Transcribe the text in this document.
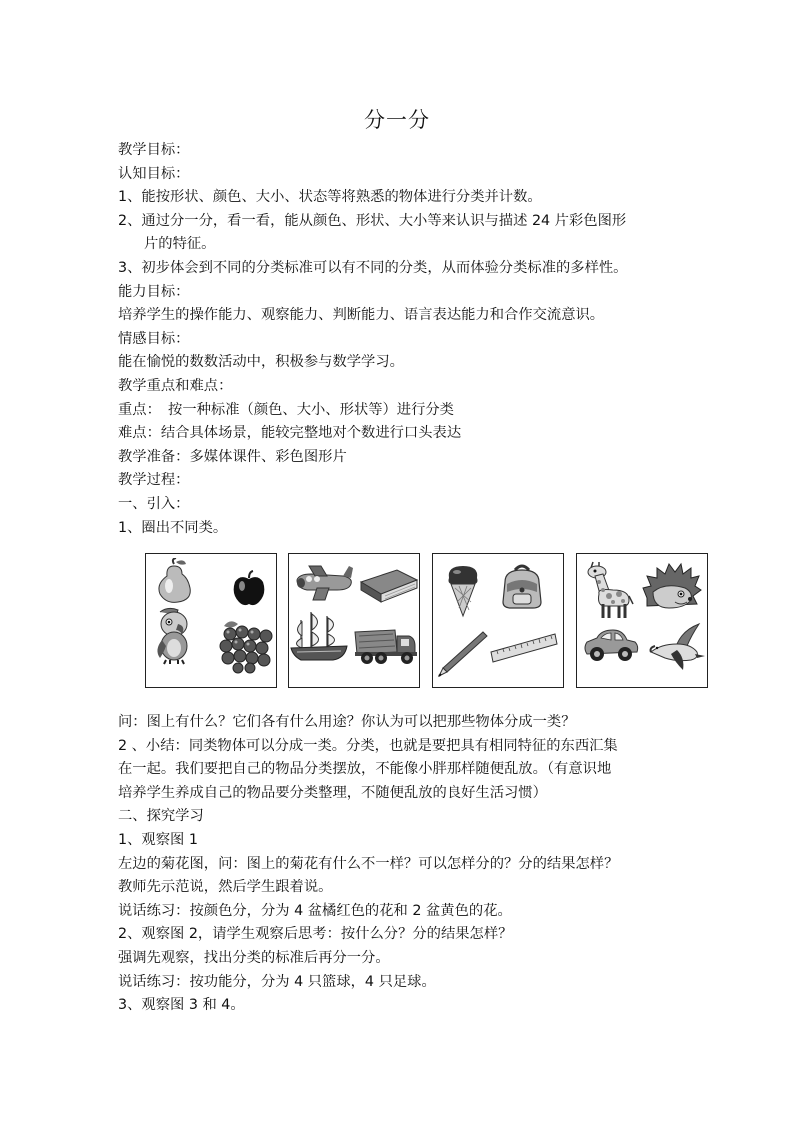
分一分
教学目标：
认知目标：
1、能按形状、颜色、大小、状态等将熟悉的物体进行分类并计数。
2、通过分一分，看一看，能从颜色、形状、大小等来认识与描述 24 片彩色图形
片的特征。
3、初步体会到不同的分类标准可以有不同的分类，从而体验分类标准的多样性。
能力目标：
培养学生的操作能力、观察能力、判断能力、语言表达能力和合作交流意识。
情感目标：
能在愉悦的数数活动中，积极参与数学学习。
教学重点和难点：
重点：　按一种标准（颜色、大小、形状等）进行分类
难点：结合具体场景，能较完整地对个数进行口头表达
教学准备：多媒体课件、彩色图形片
教学过程：
一、引入：
1、圈出不同类。
问：图上有什么？它们各有什么用途？你认为可以把那些物体分成一类？
2 、小结：同类物体可以分成一类。分类，也就是要把具有相同特征的东西汇集
在一起。我们要把自己的物品分类摆放，不能像小胖那样随便乱放。（有意识地
培养学生养成自己的物品要分类整理，不随便乱放的良好生活习惯）
二、探究学习
1、观察图 1
左边的菊花图，问：图上的菊花有什么不一样？可以怎样分的？分的结果怎样？
教师先示范说，然后学生跟着说。
说话练习：按颜色分，分为 4 盆橘红色的花和 2 盆黄色的花。
2、观察图 2，请学生观察后思考：按什么分？分的结果怎样？
强调先观察，找出分类的标准后再分一分。
说话练习：按功能分，分为 4 只篮球，4 只足球。
3、观察图 3 和 4。
